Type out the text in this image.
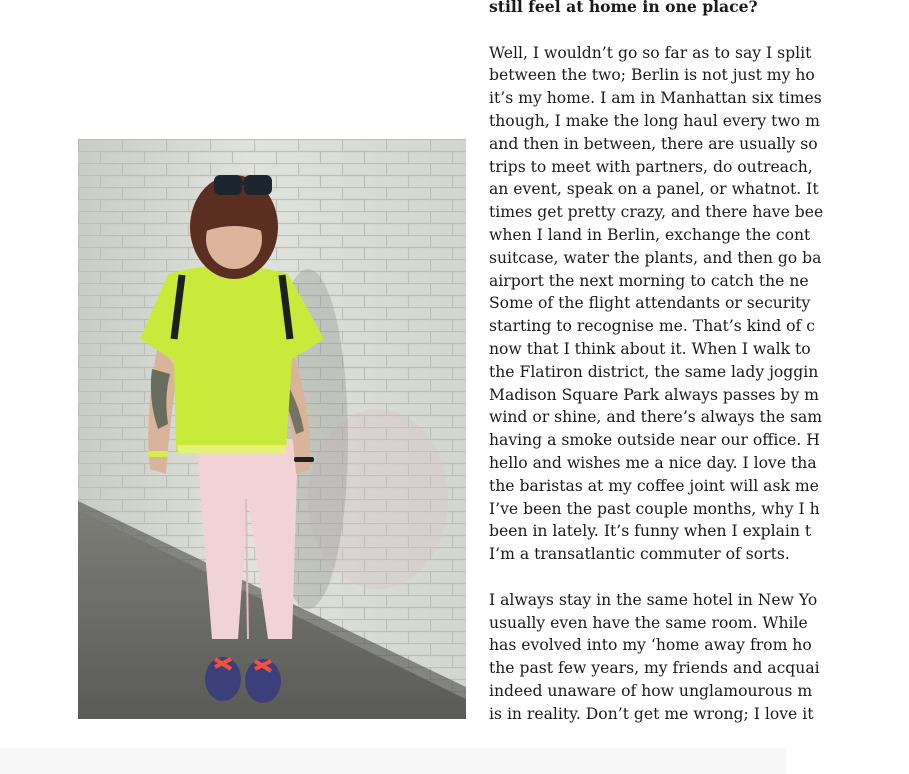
still feel at home in one place?

Well, I wouldn’t go so far as to say I split
between the two; Berlin is not just my ho
it’s my home. I am in Manhattan six times
though, I make the long haul every two m
and then in between, there are usually so
trips to meet with partners, do outreach,
an event, speak on a panel, or whatnot. It
times get pretty crazy, and there have bee
when I land in Berlin, exchange the cont
suitcase, water the plants, and then go ba
airport the next morning to catch the ne
Some of the flight attendants or security
starting to recognise me. That’s kind of c
now that I think about it. When I walk to
the Flatiron district, the same lady joggin
Madison Square Park always passes by m
wind or shine, and there’s always the sam
having a smoke outside near our office. H
hello and wishes me a nice day. I love tha
the baristas at my coffee joint will ask me
I’ve been the past couple months, why I h
been in lately. It’s funny when I explain t
I’m a transatlantic commuter of sorts.

I always stay in the same hotel in New Yo
usually even have the same room. While
has evolved into my ‘home away from ho
the past few years, my friends and acquai
indeed unaware of how unglamourous m
is in reality. Don’t get me wrong; I love it
